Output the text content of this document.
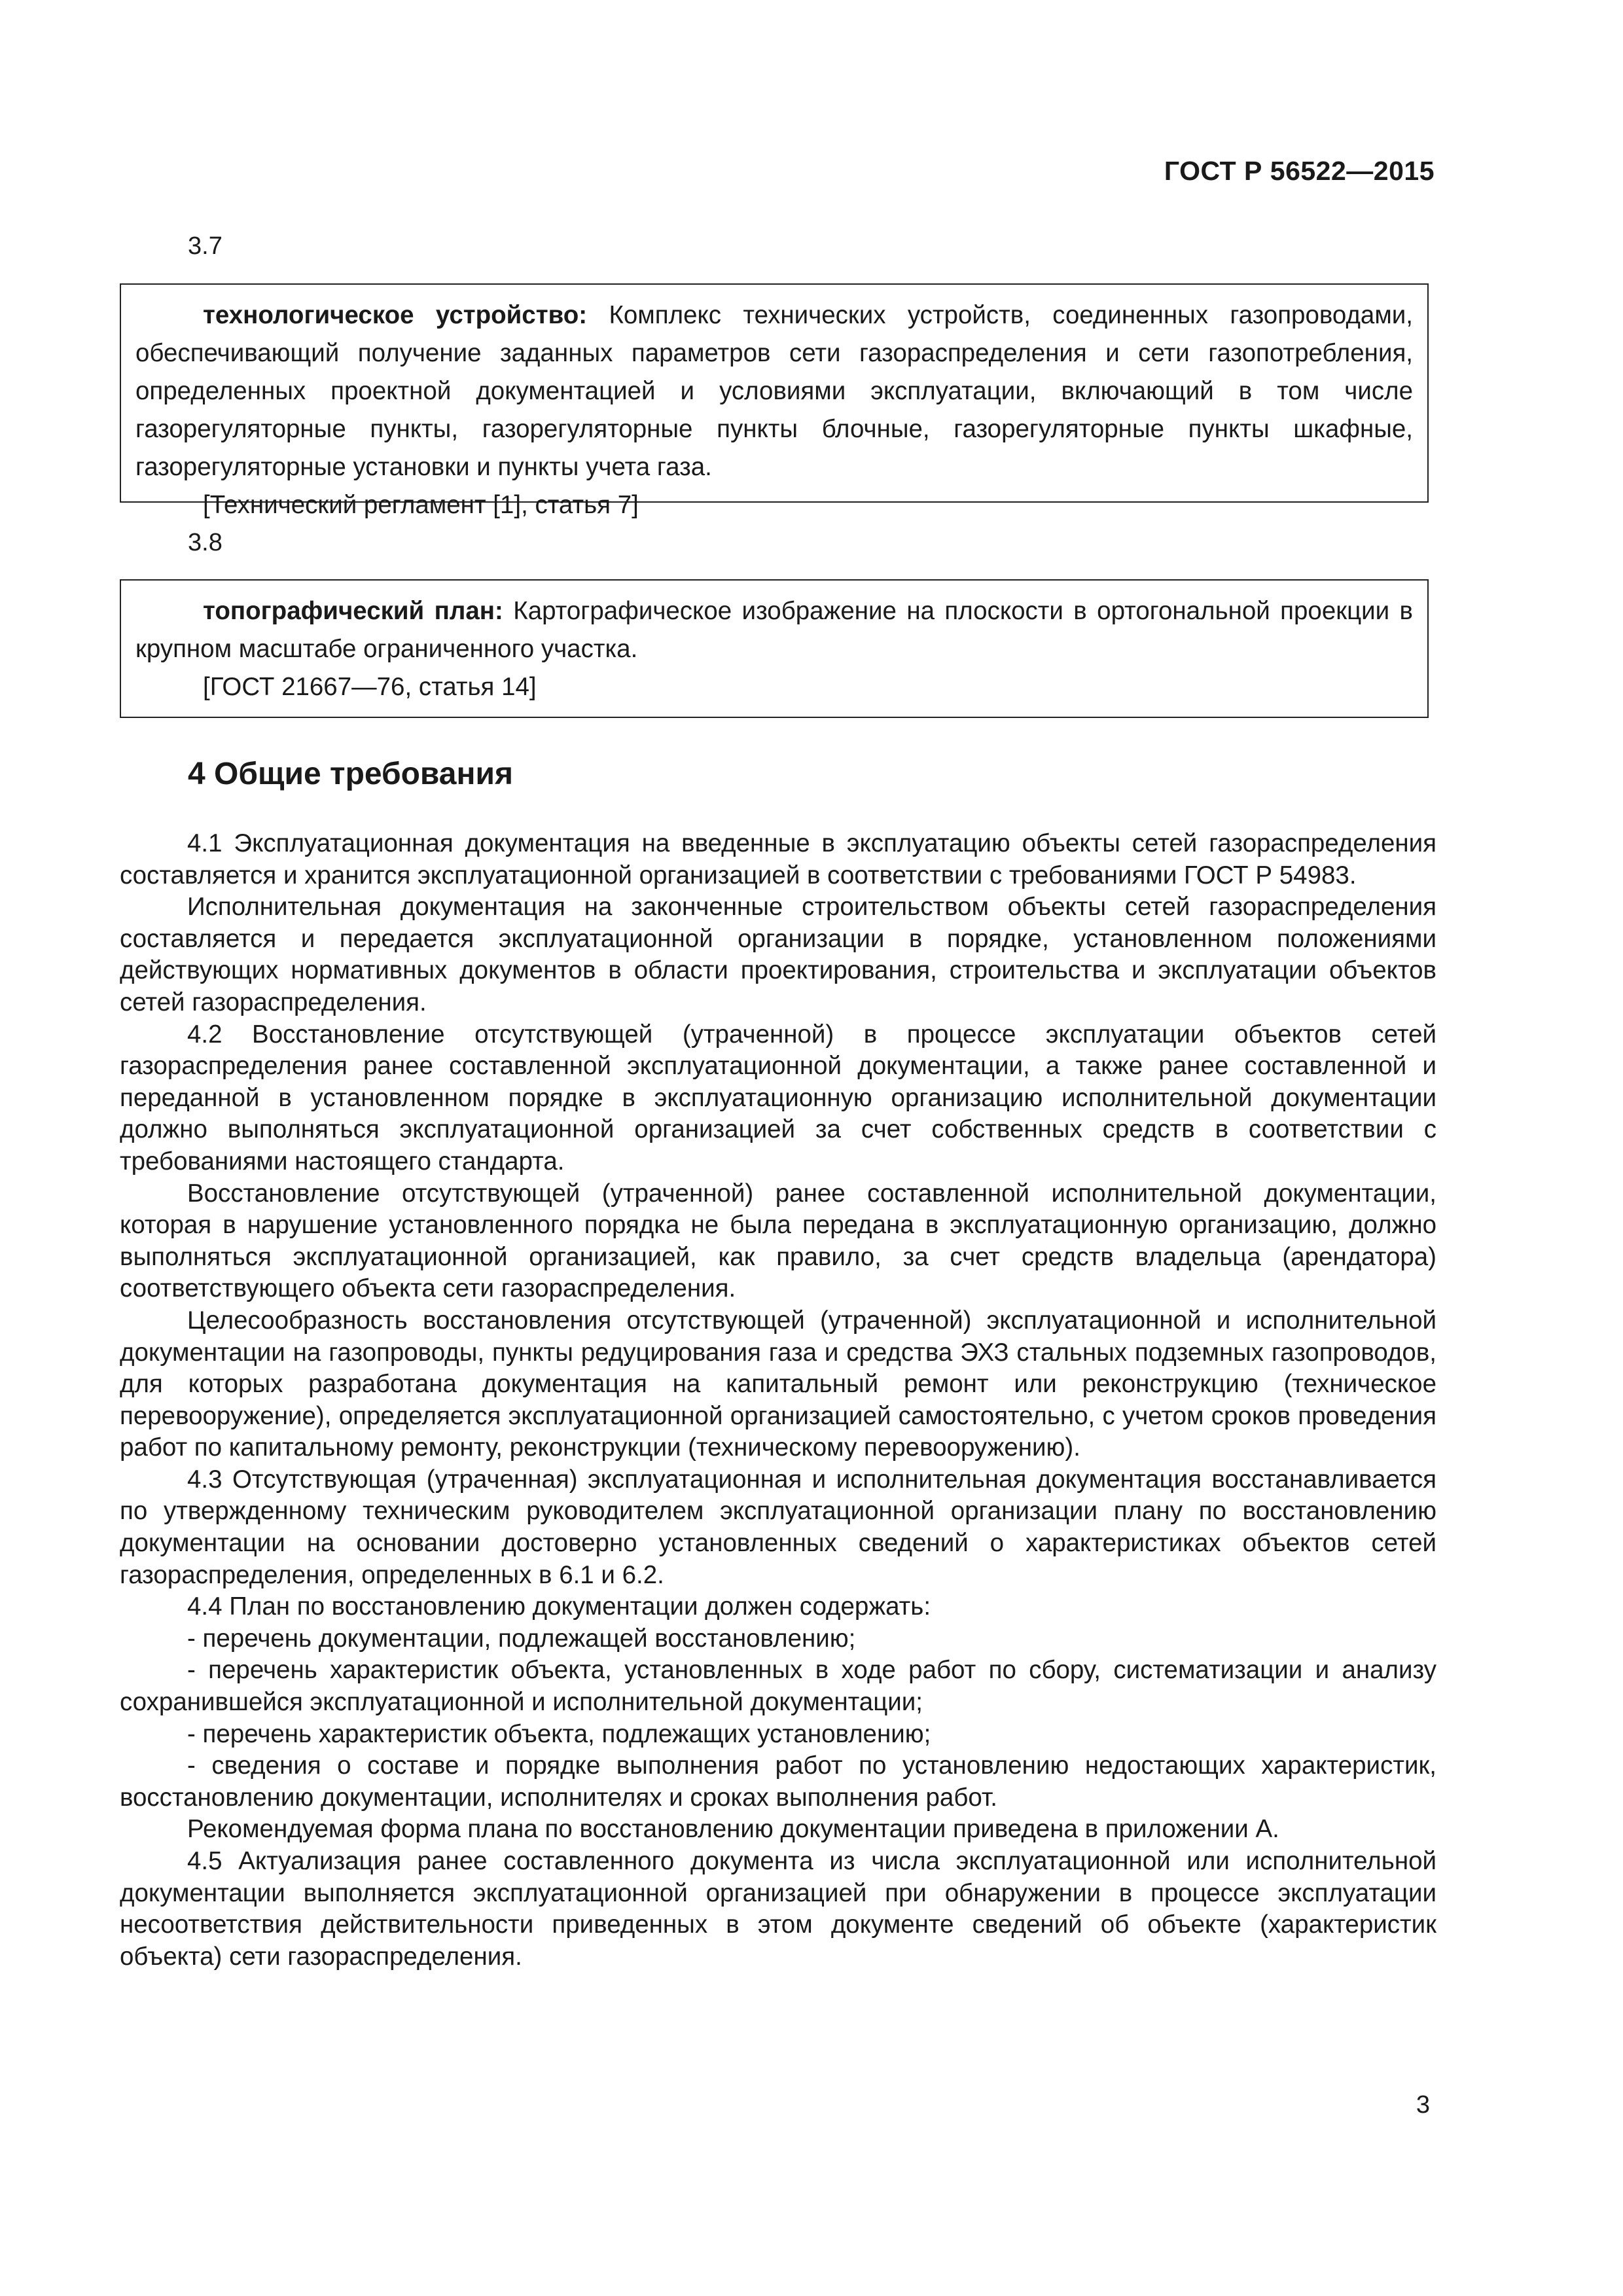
ГОСТ Р 56522—2015
3.7

технологическое устройство: Комплекс технических устройств, соединенных газопроводами, обеспечивающий получение заданных параметров сети газораспределения и сети газопотребления, определенных проектной документацией и условиями эксплуатации, включающий в том числе газорегуляторные пункты, газорегуляторные пункты блочные, газорегуляторные пункты шкафные, газорегуляторные установки и пункты учета газа.

[Технический регламент [1], статья 7]

3.8

топографический план: Картографическое изображение на плоскости в ортогональной проекции в крупном масштабе ограниченного участка.

[ГОСТ 21667—76, статья 14]

4 Общие требования

4.1 Эксплуатационная документация на введенные в эксплуатацию объекты сетей газораспределения составляется и хранится эксплуатационной организацией в соответствии с требованиями ГОСТ Р 54983.

Исполнительная документация на законченные строительством объекты сетей газораспределения составляется и передается эксплуатационной организации в порядке, установленном положениями действующих нормативных документов в области проектирования, строительства и эксплуатации объектов сетей газораспределения.

4.2 Восстановление отсутствующей (утраченной) в процессе эксплуатации объектов сетей газораспределения ранее составленной эксплуатационной документации, а также ранее составленной и переданной в установленном порядке в эксплуатационную организацию исполнительной документации должно выполняться эксплуатационной организацией за счет собственных средств в соответствии с требованиями настоящего стандарта.

Восстановление отсутствующей (утраченной) ранее составленной исполнительной документации, которая в нарушение установленного порядка не была передана в эксплуатационную организацию, должно выполняться эксплуатационной организацией, как правило, за счет средств владельца (арендатора) соответствующего объекта сети газораспределения.

Целесообразность восстановления отсутствующей (утраченной) эксплуатационной и исполнительной документации на газопроводы, пункты редуцирования газа и средства ЭХЗ стальных подземных газопроводов, для которых разработана документация на капитальный ремонт или реконструкцию (техническое перевооружение), определяется эксплуатационной организацией самостоятельно, с учетом сроков проведения работ по капитальному ремонту, реконструкции (техническому перевооружению).

4.3 Отсутствующая (утраченная) эксплуатационная и исполнительная документация восстанавливается по утвержденному техническим руководителем эксплуатационной организации плану по восстановлению документации на основании достоверно установленных сведений о характеристиках объектов сетей газораспределения, определенных в 6.1 и 6.2.

4.4 План по восстановлению документации должен содержать:

- перечень документации, подлежащей восстановлению;

- перечень характеристик объекта, установленных в ходе работ по сбору, систематизации и анализу сохранившейся эксплуатационной и исполнительной документации;

- перечень характеристик объекта, подлежащих установлению;

- сведения о составе и порядке выполнения работ по установлению недостающих характеристик, восстановлению документации, исполнителях и сроках выполнения работ.

Рекомендуемая форма плана по восстановлению документации приведена в приложении А.

4.5 Актуализация ранее составленного документа из числа эксплуатационной или исполнительной документации выполняется эксплуатационной организацией при обнаружении в процессе эксплуатации несоответствия действительности приведенных в этом документе сведений об объекте (характеристик объекта) сети газораспределения.

3
